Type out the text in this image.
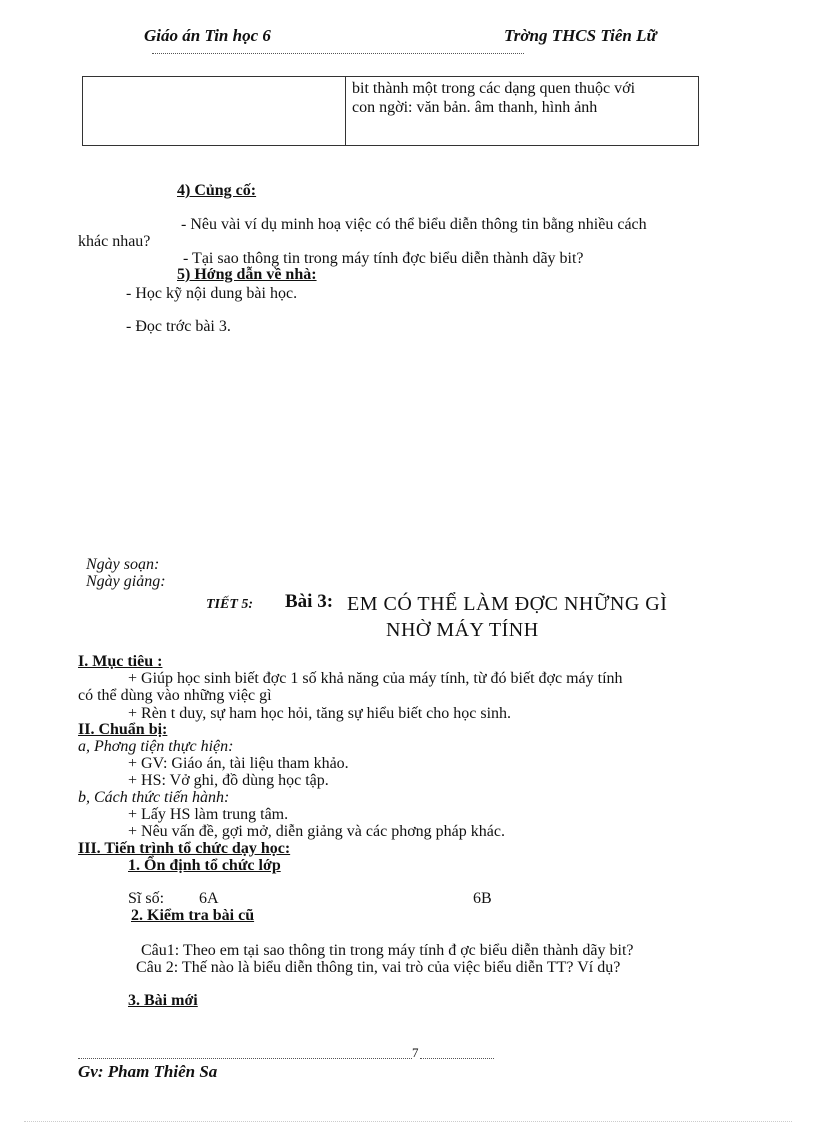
Giáo án Tin học 6	Trờng THCS Tiên Lữ

bit thành một trong các dạng quen thuộc với
con ngời: văn bản. âm thanh, hình ảnh
4) Củng cố:
- Nêu vài ví dụ minh hoạ việc có thể biểu diễn thông tin bằng nhiều cách
khác nhau?
- Tại sao thông tin trong máy tính đợc biểu diễn thành dãy bit?
5) Hớng dẫn về nhà:
- Học kỹ nội dung bài học.
- Đọc trớc bài 3.
Ngày soạn:
Ngày giảng:
TIẾT 5: Bài 3: EM CÓ THỂ LÀM ĐỢC NHỮNG GÌ
NHỜ MÁY TÍNH
I. Mục tiêu :
+ Giúp học sinh biết đợc 1 số khả năng của máy tính, từ đó biết đợc máy tính
có thể dùng vào những việc gì
+ Rèn t duy, sự ham học hỏi, tăng sự hiểu biết cho học sinh.
II. Chuẩn bị:
a, Phơng tiện thực hiện:
+ GV: Giáo án, tài liệu tham khảo.
+ HS: Vở ghi, đồ dùng học tập.
b, Cách thức tiến hành:
+ Lấy HS làm trung tâm.
+ Nêu vấn đề, gợi mở, diễn giảng và các phơng pháp khác.
III. Tiến trình tổ chức dạy học:
1. Ổn định tổ chức lớp
Sĩ số: 6A	6B
2. Kiểm tra bài cũ
Câu1: Theo em tại sao thông tin trong máy tính đ ợc biểu diễn thành dãy bit?
Câu 2: Thế nào là biểu diễn thông tin, vai trò của việc biểu diễn TT? Ví dụ?
3. Bài mới
7
Gv: Pham Thiên Sa
